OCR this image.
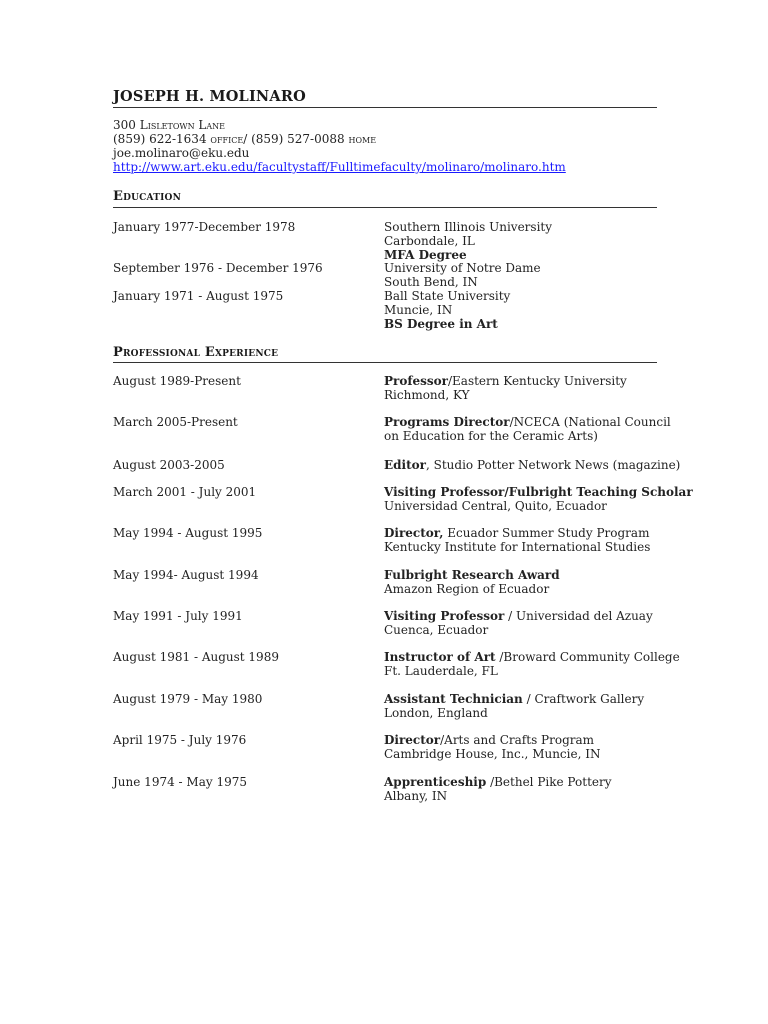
JOSEPH H. MOLINARO
300 Lisletown Lane
(859) 622-1634 office/ (859) 527-0088 home
joe.molinaro@eku.edu
http://www.art.eku.edu/facultystaff/Fulltimefaculty/molinaro/molinaro.htm
Education
January 1977-December 1978	Southern Illinois University
Carbondale, IL
MFA Degree
September 1976 - December 1976	University of Notre Dame
South Bend, IN
January 1971 - August 1975	Ball State University
Muncie, IN
BS Degree in Art
Professional Experience
August 1989-Present	Professor/Eastern Kentucky University
Richmond, KY
March 2005-Present	Programs Director/NCECA (National Council
on Education for the Ceramic Arts)
August 2003-2005	Editor, Studio Potter Network News (magazine)
March 2001 - July 2001	Visiting Professor/Fulbright Teaching Scholar
Universidad Central, Quito, Ecuador
May 1994 - August 1995	Director, Ecuador Summer Study Program
Kentucky Institute for International Studies
May 1994- August 1994	Fulbright Research Award
Amazon Region of Ecuador
May 1991 - July 1991	Visiting Professor / Universidad del Azuay
Cuenca, Ecuador
August 1981 - August 1989	Instructor of Art /Broward Community College
Ft. Lauderdale, FL
August 1979 - May 1980	Assistant Technician / Craftwork Gallery
London, England
April 1975 - July 1976	Director/Arts and Crafts Program
Cambridge House, Inc., Muncie, IN
June 1974 - May 1975	Apprenticeship /Bethel Pike Pottery
Albany, IN
